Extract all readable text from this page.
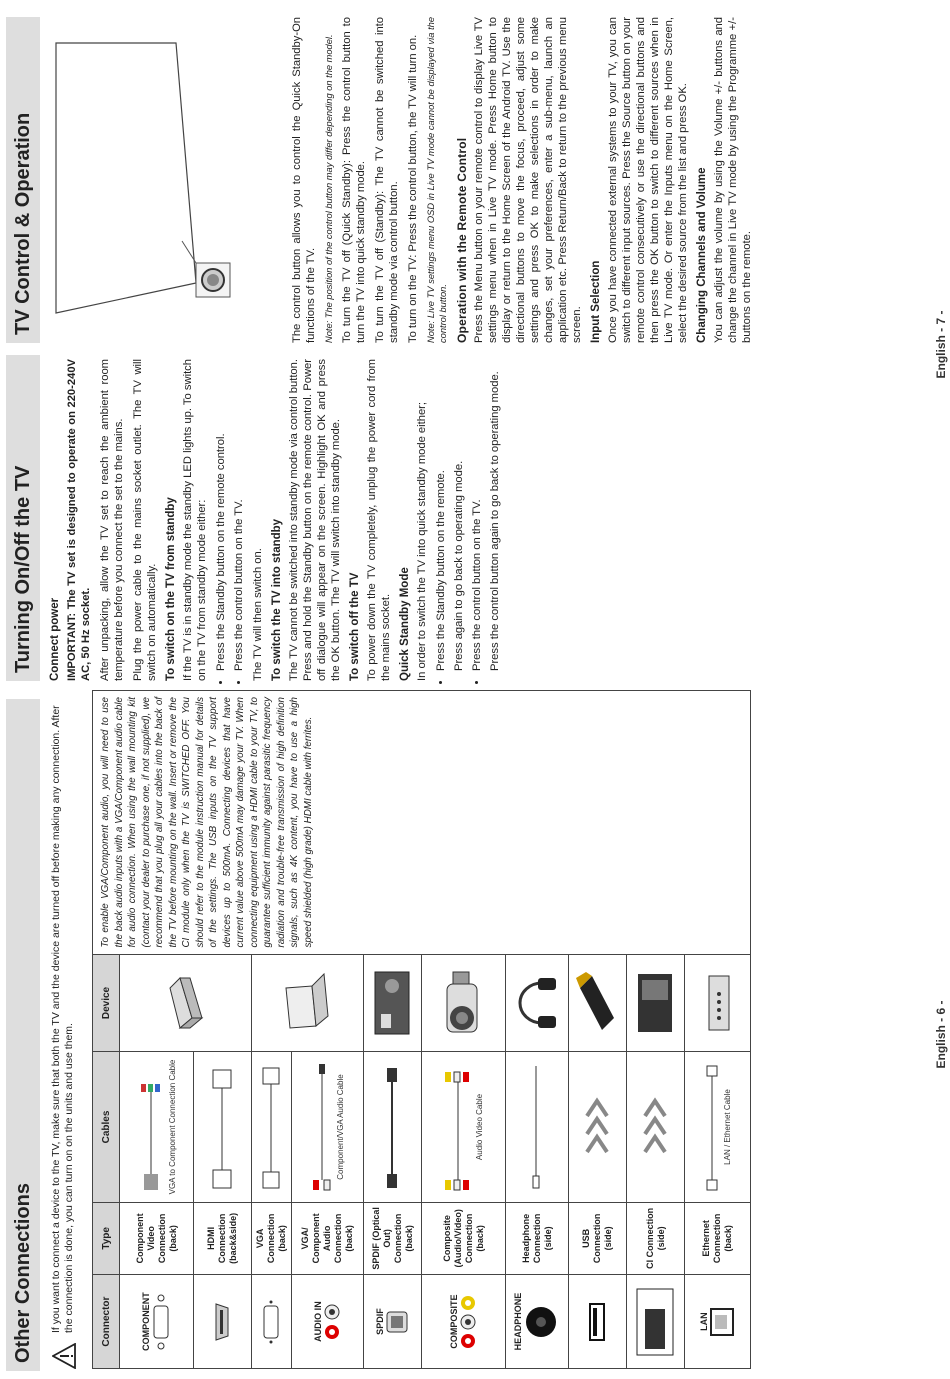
Other Connections	If you want to connect a device to the TV, make sure that both the TV and the device are turned off before making any connection. After the connection is done, you can turn on on the units and use them.	Connector	Type	Cables	Device	To enable VGA/Component audio, you will need to use the back audio inputs with a VGA/Component audio cable for audio connection. When using the wall mounting kit (contact your dealer to purchase one, if not supplied), we recommend that you plug all your cables into the back of the TV before mounting on the wall. Insert or remove the CI module only when the TV is SWITCHED OFF. You should refer to the module instruction manual for details of the settings. The USB inputs on the TV support devices up to 500mA. Connecting devices that have current value above 500mA may damage your TV. When connecting equipment using a HDMI cable to your TV, to guarantee sufficient immunity against parasitic frequency radiation and trouble-free transmission of high definition signals, such as 4K content, you have to use a high speed shielded (high grade) HDMI cable with ferrites.

COMPONENT	Component Video Connection (back)	VGA to Component Connection Cable

	HDMI Connection (back&side)	
	VGA Connection (back)		

AUDIO IN	VGA/ Component Audio Connection (back)	Component/VGA Audio Cable		

SPDIF	SPDIF (Optical Out) Connection (back)		

COMPOSITE	Composite (Audio/Video) Connection (back)	Audio Video Cable

HEADPHONE	Headphone Connection (side)		
	USB Connection (side)		
	CI Connection (side)		

LAN	Ethernet Connection (back)	LAN / Ethernet Cable

English - 6 -
Turning On/Off the TV
TV Control & Operation
Connect power IMPORTANT: The TV set is designed to operate on 220-240V AC, 50 Hz socket. After unpacking, allow the TV set to reach the ambient room temperature before you connect the set to the mains. Plug the power cable to the mains socket outlet. The TV will switch on automatically. To switch on the TV from standby If the TV is in standby mode the standby LED lights up. To switch on the TV from standby mode either: • Press the Standby button on the remote control. • Press the control button on the TV. The TV will then switch on. To switch the TV into standby The TV cannot be switched into standby mode via control button. Press and hold the Standby button on the remote control. Power off dialogue will appear on the screen. Highlight OK and press the OK button. The TV will switch into standby mode. To switch off the TV To power down the TV completely, unplug the power cord from the mains socket. Quick Standby Mode In order to switch the TV into quick standby mode either; • Press the Standby button on the remote. Press again to go back to operating mode. • Press the control button on the TV. Press the control button again to go back to operating mode.

The control button allows you to control the Quick Standby-On functions of the TV. Note: The position of the control button may differ depending on the model. To turn the TV off (Quick Standby): Press the control button to turn the TV into quick standby mode. To turn the TV off (Standby): The TV cannot be switched into standby mode via control button. To turn on the TV: Press the control button, the TV will turn on. Note: Live TV settings menu OSD in Live TV mode cannot be displayed via the control button. Operation with the Remote Control Press the Menu button on your remote control to display Live TV settings menu when in Live TV mode. Press Home button to display or return to the Home Screen of the Android TV. Use the directional buttons to move the focus, proceed, adjust some settings and press OK to make selections in order to make changes, set your preferences, enter a sub-menu, launch an application etc. Press Return/Back to return to the previous menu screen. Input Selection Once you have connected external systems to your TV, you can switch to different input sources. Press the Source button on your remote control consecutively or use the directional buttons and then press the OK button to switch to different sources when in Live TV mode. Or enter the Inputs menu on the Home Screen, select the desired source from the list and press OK. Changing Channels and Volume You can adjust the volume by using the Volume +/- buttons and change the channel in Live TV mode by using the Programme +/- buttons on the remote.

English - 7 -
